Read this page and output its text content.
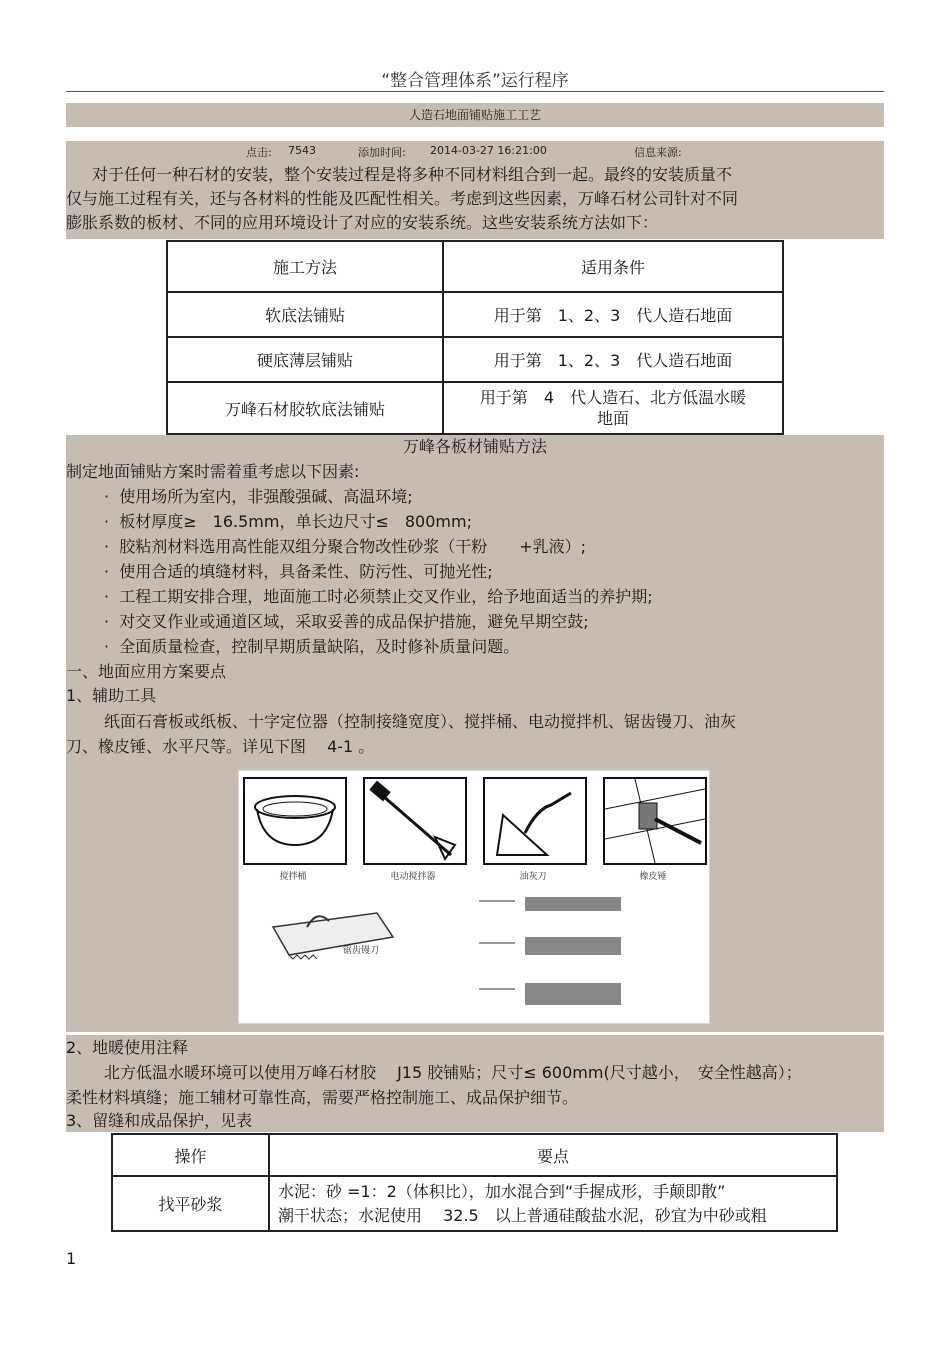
“整合管理体系”运行程序
人造石地面铺贴施工工艺
点击: 7543	添加时间: 2014-03-27 16:21:00	信息来源:
对于任何一种石材的安装，整个安装过程是将多种不同材料组合到一起。最终的安装质量不
仅与施工过程有关，还与各材料的性能及匹配性相关。考虑到这些因素，万峰石材公司针对不同
膨胀系数的板材、不同的应用环境设计了对应的安装系统。这些安装系统方法如下：
施工方法	适用条件
软底法铺贴	用于第　1、2、3　代人造石地面
硬底薄层铺贴	用于第　1、2、3　代人造石地面
万峰石材胶软底法铺贴	用于第　4　代人造石、北方低温水暖
地面
万峰各板材铺贴方法
制定地面铺贴方案时需着重考虑以下因素:
· 使用场所为室内，非强酸强碱、高温环境;
· 板材厚度≥　16.5mm，单长边尺寸≤　800mm;
· 胶粘剂材料选用高性能双组分聚合物改性砂浆（干粉　　+乳液）;
· 使用合适的填缝材料，具备柔性、防污性、可抛光性;
· 工程工期安排合理，地面施工时必须禁止交叉作业，给予地面适当的养护期;
· 对交叉作业或通道区域，采取妥善的成品保护措施，避免早期空鼓;
· 全面质量检查，控制早期质量缺陷，及时修补质量问题。
一、地面应用方案要点
1、辅助工具
纸面石膏板或纸板、十字定位器（控制接缝宽度）、搅拌桶、电动搅拌机、锯齿镘刀、油灰
刀、橡皮锤、水平尺等。详见下图　 4-1 。
搅拌桶	电动搅拌器	油灰刀	橡皮锤
锯齿镘刀
2、地暖使用注释
北方低温水暖环境可以使用万峰石材胶　 J15 胶铺贴；尺寸≤ 600mm(尺寸越小，　安全性越高）；
柔性材料填缝；施工辅材可靠性高，需要严格控制施工、成品保护细节。
3、留缝和成品保护，见表
操作	要点
找平砂浆	水泥：砂 =1：2（体积比），加水混合到“手握成形，手颠即散”
潮干状态；水泥使用　 32.5　以上普通硅酸盐水泥，砂宜为中砂或粗
1
